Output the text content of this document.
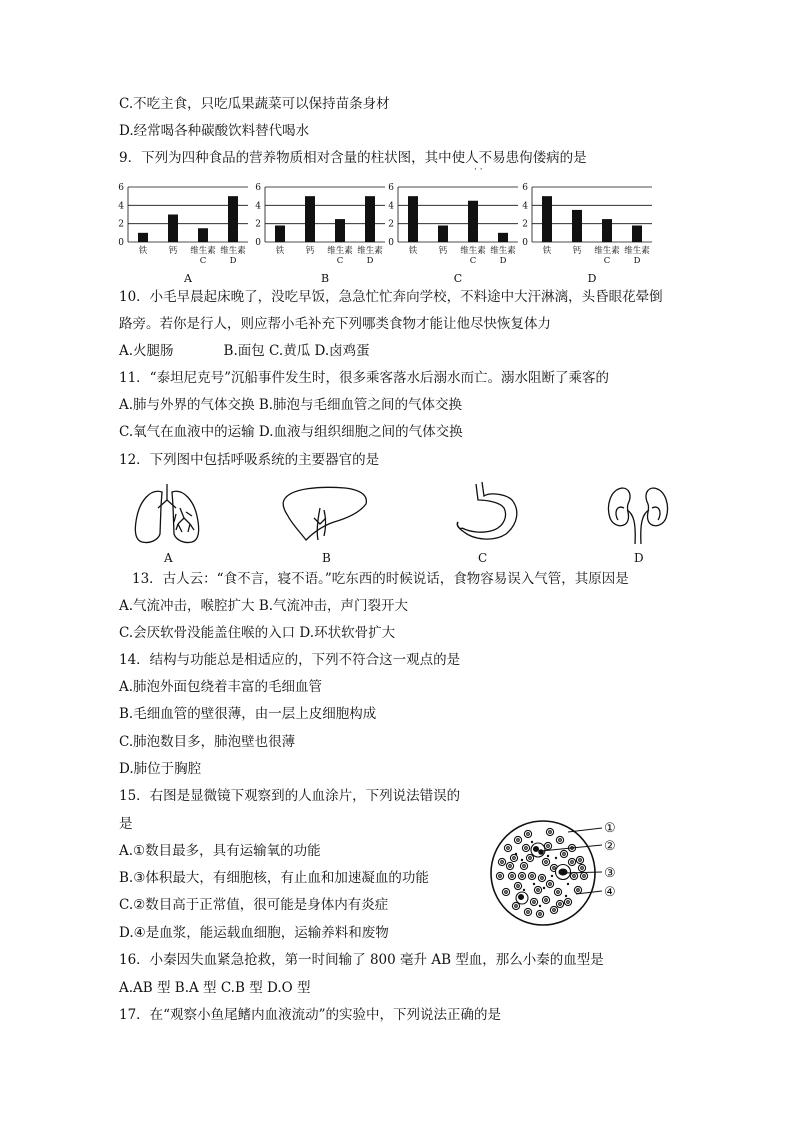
C.不吃主食，只吃瓜果蔬菜可以保持苗条身材
D.经常喝各种碳酸饮料替代喝水
9．下列为四种食品的营养物质相对含量的柱状图，其中使人不易患佝偻病的是
· ·
0
2
4
6
铁	钙 维生素
C
维生素
D
A
0
2
4
6
铁	钙 维生素
C
维生素
D
B
0
2
4
6
铁	钙 维生素
C
维生素
D
C
0
2
4
6
铁	钙 维生素
C
维生素
D
D
10．小毛早晨起床晚了，没吃早饭，急急忙忙奔向学校，不料途中大汗淋漓，头昏眼花晕倒
路旁。若你是行人，则应帮小毛补充下列哪类食物才能让他尽快恢复体力
A.火腿肠	B.面包 C.黄瓜 D.卤鸡蛋
11．“泰坦尼克号”沉船事件发生时，很多乘客落水后溺水而亡。溺水阻断了乘客的
A.肺与外界的气体交换 B.肺泡与毛细血管之间的气体交换
C.氧气在血液中的运输 D.血液与组织细胞之间的气体交换
12．下列图中包括呼吸系统的主要器官的是
A	B	C	D
13．古人云：“食不言，寝不语。”吃东西的时候说话，食物容易误入气管，其原因是
A.气流冲击，喉腔扩大 B.气流冲击，声门裂开大
C.会厌软骨没能盖住喉的入口 D.环状软骨扩大
14．结构与功能总是相适应的，下列不符合这一观点的是
A.肺泡外面包绕着丰富的毛细血管
B.毛细血管的壁很薄，由一层上皮细胞构成
C.肺泡数目多，肺泡壁也很薄
D.肺位于胸腔
15．右图是显微镜下观察到的人血涂片，下列说法错误的
是
A.①数目最多，具有运输氧的功能
B.③体积最大，有细胞核，有止血和加速凝血的功能
C.②数目高于正常值，很可能是身体内有炎症
D.④是血浆，能运载血细胞，运输养料和废物
①
②
③
④
16．小秦因失血紧急抢救，第一时间输了 800 毫升 AB 型血，那么小秦的血型是
A.AB 型 B.A 型 C.B 型 D.O 型
17．在“观察小鱼尾鳍内血液流动”的实验中，下列说法正确的是
